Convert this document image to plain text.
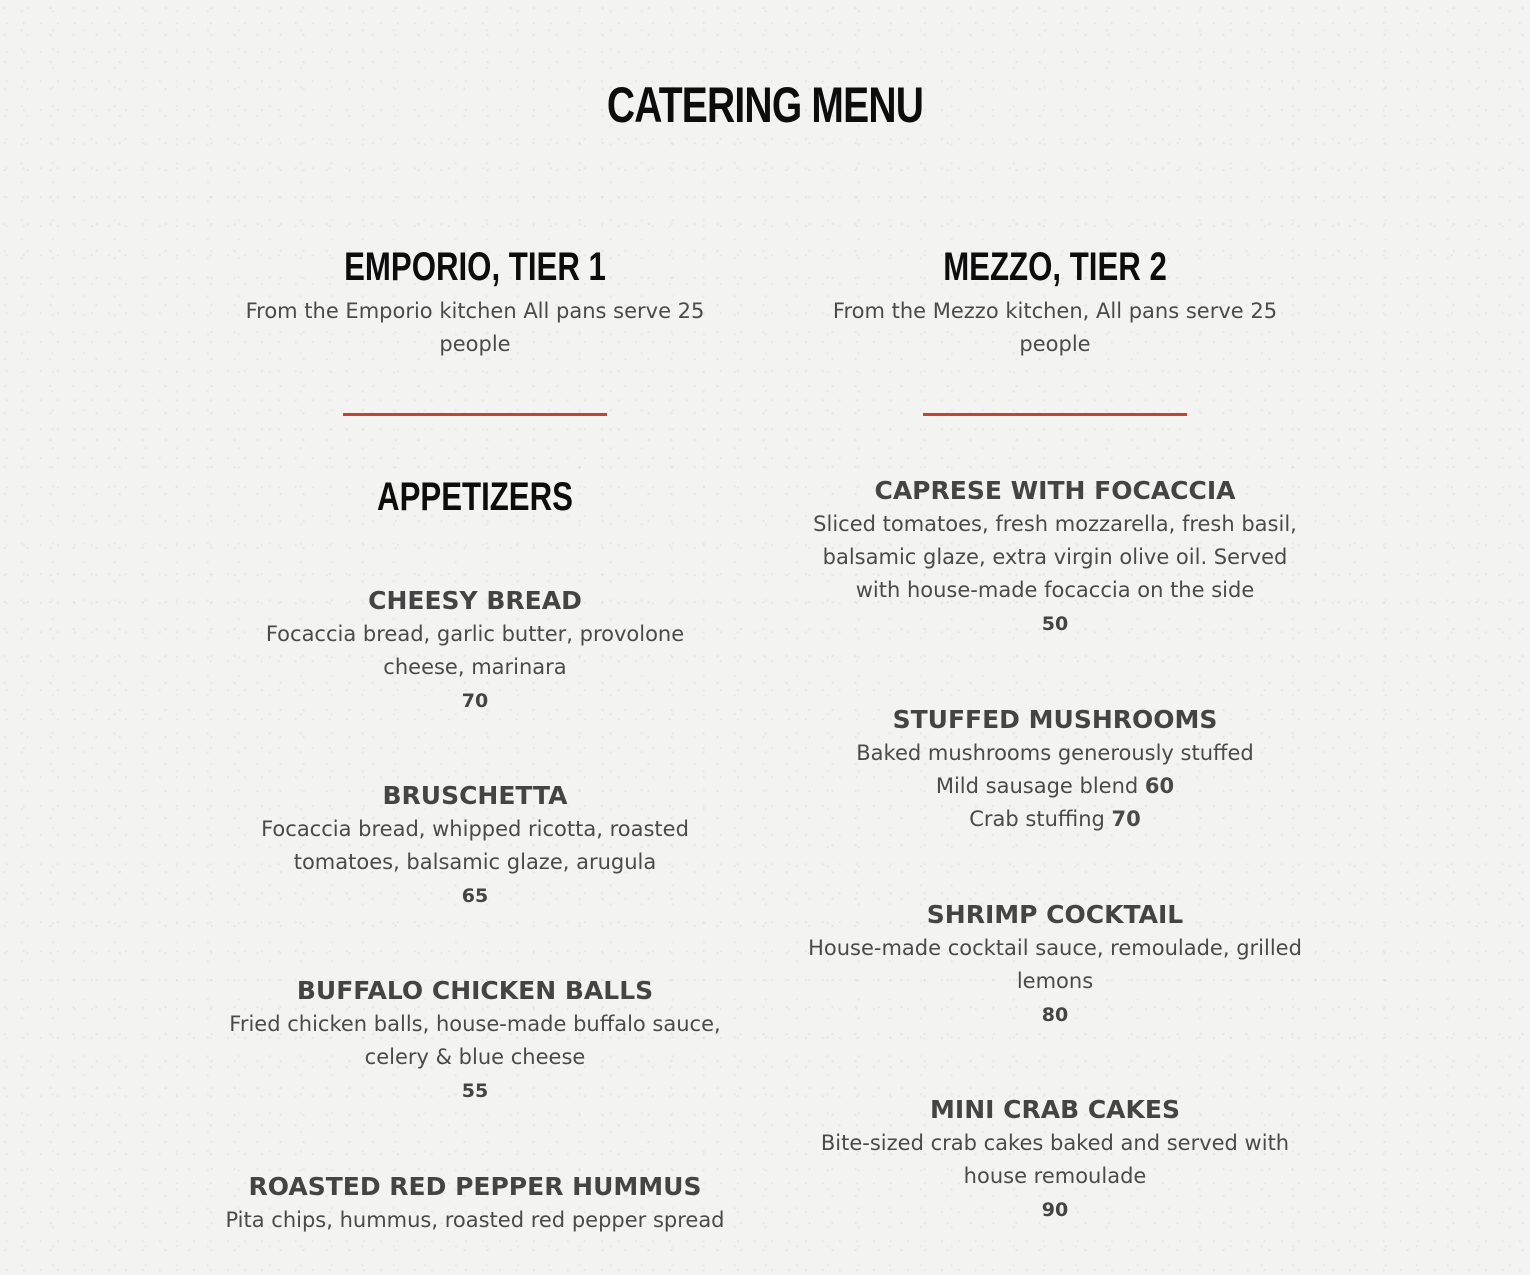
CATERING MENU
EMPORIO, TIER 1

From the Emporio kitchen All pans serve 25 people

APPETIZERS

CHEESY BREAD

Focaccia bread, garlic butter, provolone cheese, marinara

70

BRUSCHETTA

Focaccia bread, whipped ricotta, roasted tomatoes, balsamic glaze, arugula

65

BUFFALO CHICKEN BALLS

Fried chicken balls, house-made buffalo sauce, celery & blue cheese

55

ROASTED RED PEPPER HUMMUS

Pita chips, hummus, roasted red pepper spread

MEZZO, TIER 2

From the Mezzo kitchen, All pans serve 25 people

CAPRESE WITH FOCACCIA

Sliced tomatoes, fresh mozzarella, fresh basil, balsamic glaze, extra virgin olive oil. Served with house-made focaccia on the side

50

STUFFED MUSHROOMS

Baked mushrooms generously stuffed

Mild sausage blend 60

Crab stuffing 70

SHRIMP COCKTAIL

House-made cocktail sauce, remoulade, grilled lemons

80

MINI CRAB CAKES

Bite-sized crab cakes baked and served with house remoulade

90
